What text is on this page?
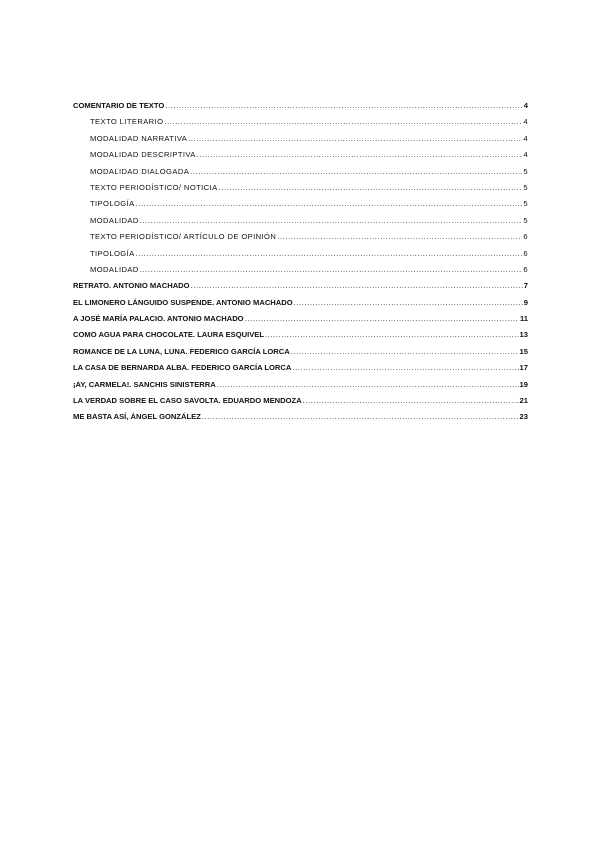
COMENTARIO DE TEXTO .....	4
TEXTO LITERARIO .....	4
MODALIDAD NARRATIVA .....	4
MODALIDAD DESCRIPTIVA .....	4
MODALIDAD DIALOGADA .....	5
TEXTO PERIODÍSTICO/ NOTICIA .....	5
TIPOLOGÍA .....	5
MODALIDAD .....	5
TEXTO PERIODÍSTICO/ ARTÍCULO DE OPINIÓN .....	6
TIPOLOGÍA .....	6
MODALIDAD .....	6
RETRATO. ANTONIO MACHADO .....	7
EL LIMONERO LÁNGUIDO SUSPENDE. ANTONIO MACHADO .....	9
A JOSÉ MARÍA PALACIO. ANTONIO MACHADO .....	11
COMO AGUA PARA CHOCOLATE. LAURA ESQUIVEL .....	13
ROMANCE DE LA LUNA, LUNA. FEDERICO GARCÍA LORCA .....	15
LA CASA DE BERNARDA ALBA. FEDERICO GARCÍA LORCA .....	17
¡AY, CARMELA!. SANCHIS SINISTERRA .....	19
LA VERDAD SOBRE EL CASO SAVOLTA. EDUARDO MENDOZA .....	21
ME BASTA ASÍ, ÁNGEL GONZÁLEZ .....	23
